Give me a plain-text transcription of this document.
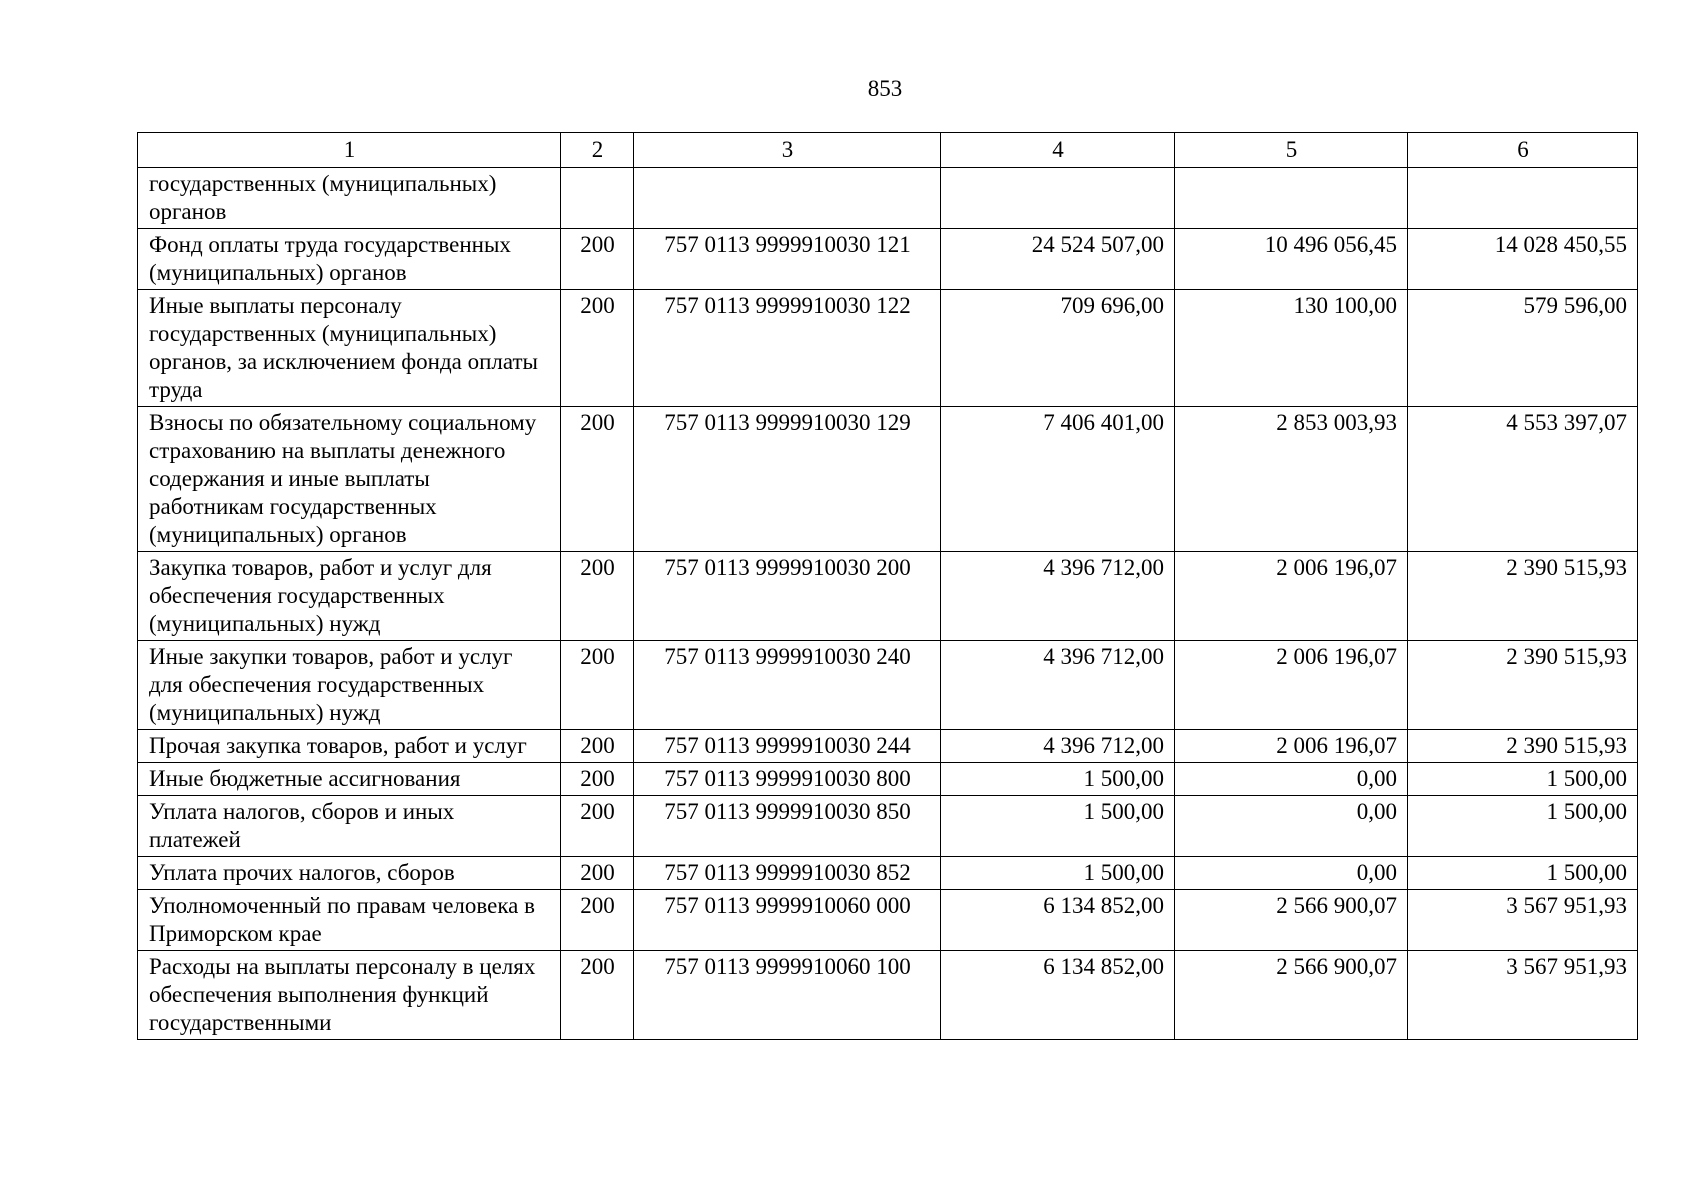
853
1	2	3	4	5	6
государственных (муниципальных) органов					
Фонд оплаты труда государственных (муниципальных) органов	200	757 0113 9999910030 121	24 524 507,00	10 496 056,45	14 028 450,55
Иные выплаты персоналу государственных (муниципальных) органов, за исключением фонда оплаты труда	200	757 0113 9999910030 122	709 696,00	130 100,00	579 596,00
Взносы по обязательному социальному страхованию на выплаты денежного содержания и иные выплаты работникам государственных (муниципальных) органов	200	757 0113 9999910030 129	7 406 401,00	2 853 003,93	4 553 397,07
Закупка товаров, работ и услуг для обеспечения государственных (муниципальных) нужд	200	757 0113 9999910030 200	4 396 712,00	2 006 196,07	2 390 515,93
Иные закупки товаров, работ и услуг для обеспечения государственных (муниципальных) нужд	200	757 0113 9999910030 240	4 396 712,00	2 006 196,07	2 390 515,93
Прочая закупка товаров, работ и услуг	200	757 0113 9999910030 244	4 396 712,00	2 006 196,07	2 390 515,93
Иные бюджетные ассигнования	200	757 0113 9999910030 800	1 500,00	0,00	1 500,00
Уплата налогов, сборов и иных платежей	200	757 0113 9999910030 850	1 500,00	0,00	1 500,00
Уплата прочих налогов, сборов	200	757 0113 9999910030 852	1 500,00	0,00	1 500,00
Уполномоченный по правам человека в Приморском крае	200	757 0113 9999910060 000	6 134 852,00	2 566 900,07	3 567 951,93
Расходы на выплаты персоналу в целях обеспечения выполнения функций государственными	200	757 0113 9999910060 100	6 134 852,00	2 566 900,07	3 567 951,93
